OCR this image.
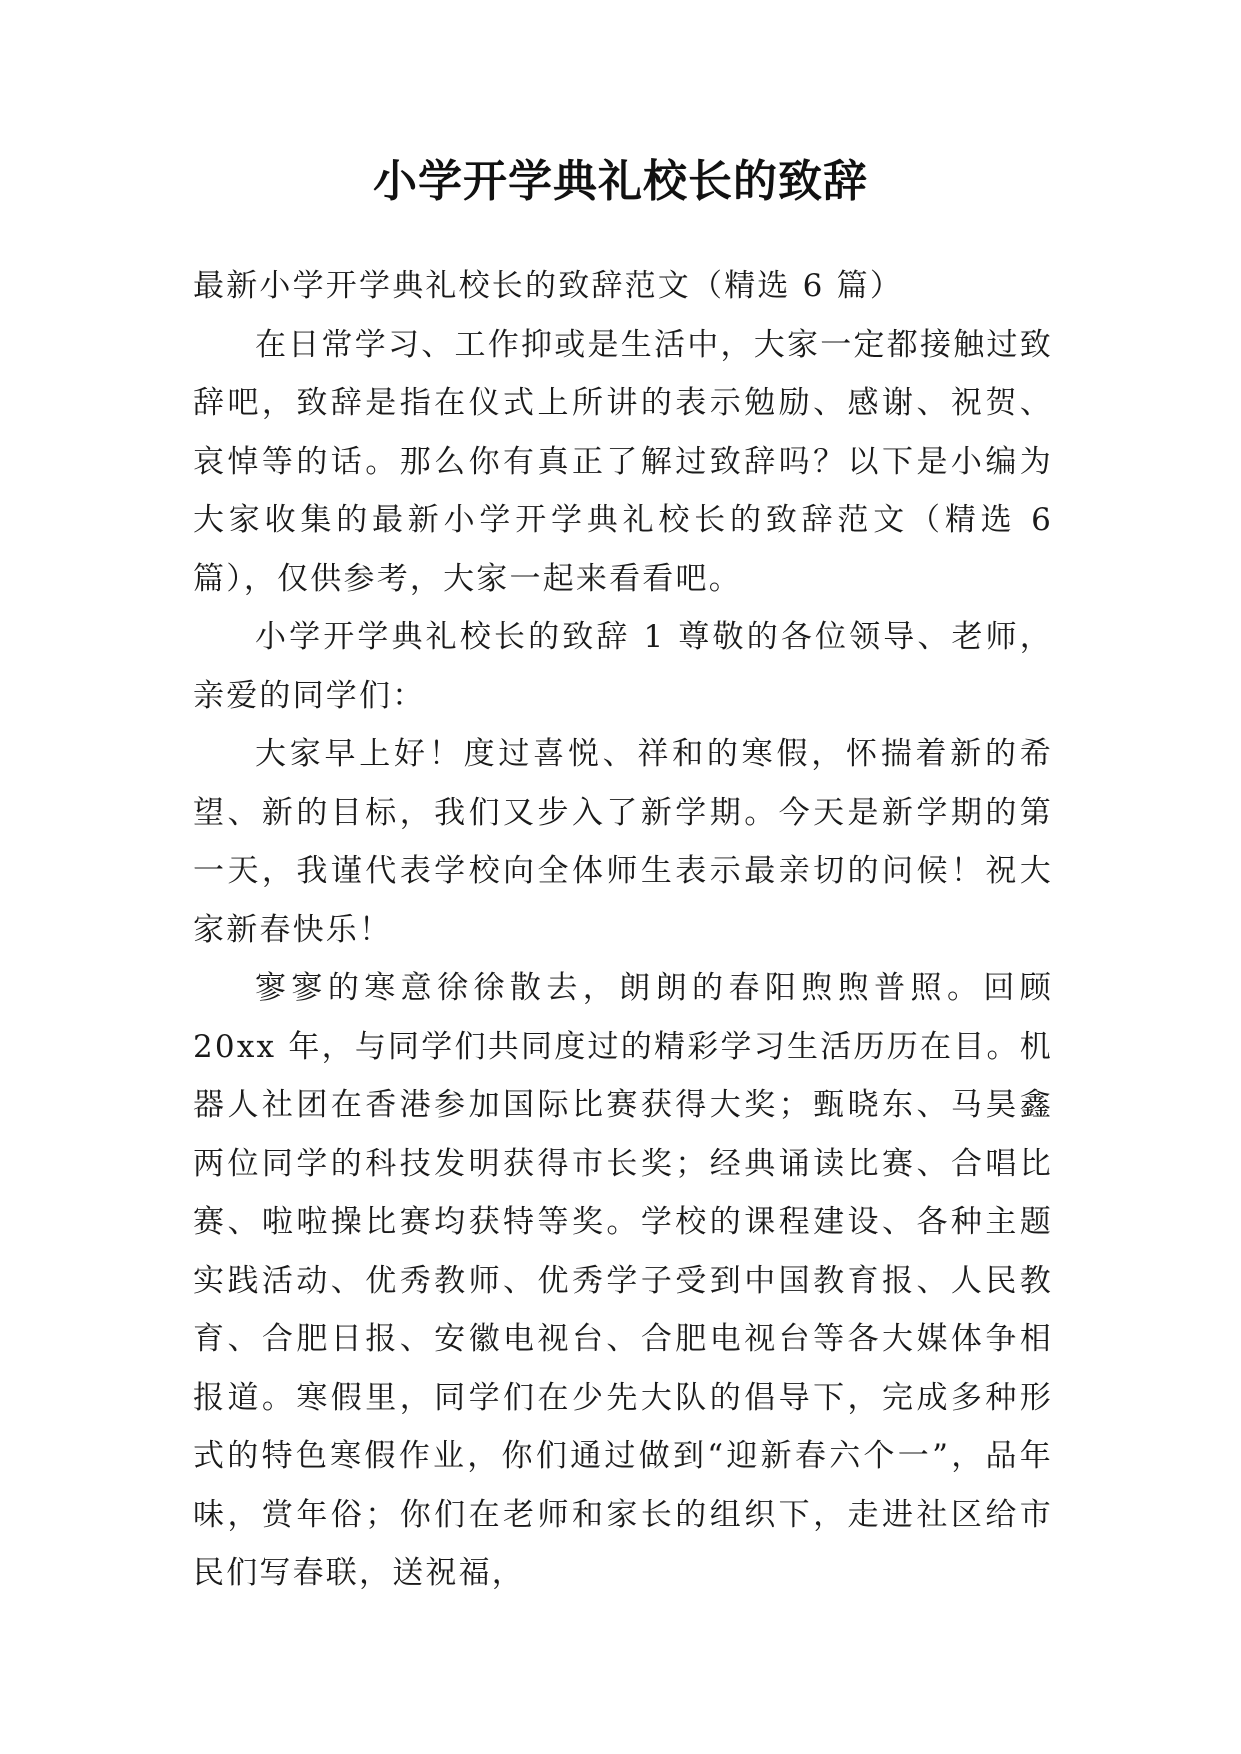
小学开学典礼校长的致辞

最新小学开学典礼校长的致辞范文（精选 6 篇）

在日常学习、工作抑或是生活中，大家一定都接触过致辞吧，致辞是指在仪式上所讲的表示勉励、感谢、祝贺、哀悼等的话。那么你有真正了解过致辞吗？以下是小编为大家收集的最新小学开学典礼校长的致辞范文（精选 6 篇），仅供参考，大家一起来看看吧。

小学开学典礼校长的致辞 1 尊敬的各位领导、老师，亲爱的同学们：

大家早上好！度过喜悦、祥和的寒假，怀揣着新的希望、新的目标，我们又步入了新学期。今天是新学期的第一天，我谨代表学校向全体师生表示最亲切的问候！祝大家新春快乐！

寥寥的寒意徐徐散去，朗朗的春阳煦煦普照。回顾 20xx 年，与同学们共同度过的精彩学习生活历历在目。机器人社团在香港参加国际比赛获得大奖；甄晓东、马昊鑫两位同学的科技发明获得市长奖；经典诵读比赛、合唱比赛、啦啦操比赛均获特等奖。学校的课程建设、各种主题实践活动、优秀教师、优秀学子受到中国教育报、人民教育、合肥日报、安徽电视台、合肥电视台等各大媒体争相报道。寒假里，同学们在少先大队的倡导下，完成多种形式的特色寒假作业，你们通过做到“迎新春六个一”，品年味，赏年俗；你们在老师和家长的组织下，走进社区给市民们写春联，送祝福，
